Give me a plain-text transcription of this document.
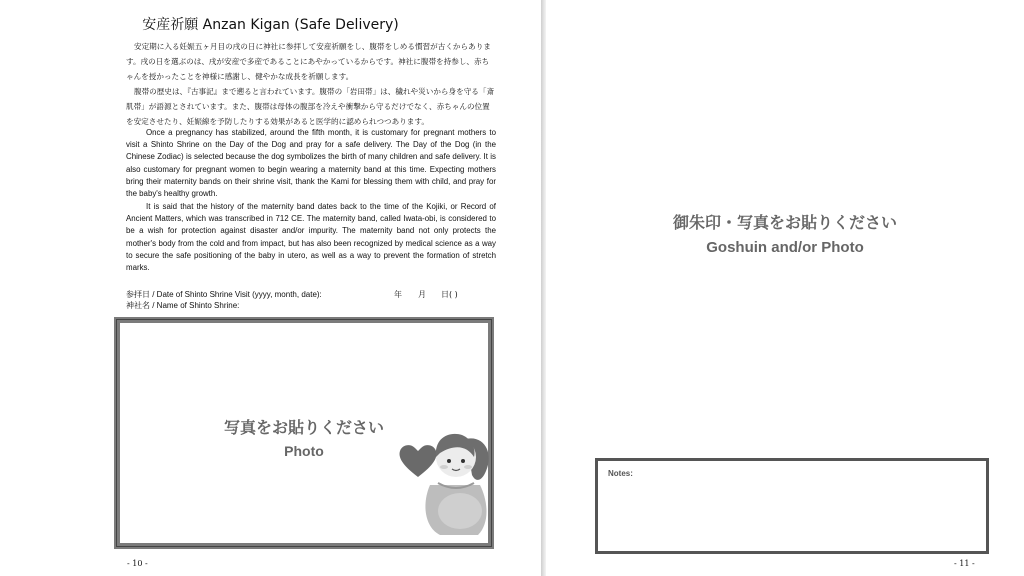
安産祈願 Anzan Kigan (Safe Delivery)

安定期に入る妊娠五ヶ月目の戌の日に神社に参拝して安産祈願をし、腹帯をしめる慣習が古くからあります。戌の日を選ぶのは、戌が安産で多産であることにあやかっているからです。神社に腹帯を持参し、赤ちゃんを授かったことを神様に感謝し、健やかな成長を祈願します。

腹帯の歴史は、『古事記』まで遡ると言われています。腹帯の「岩田帯」は、穢れや災いから身を守る「斎肌帯」が語源とされています。また、腹帯は母体の腹部を冷えや衝撃から守るだけでなく、赤ちゃんの位置を安定させたり、妊娠線を予防したりする効果があると医学的に認められつつあります。

Once a pregnancy has stabilized, around the fifth month, it is customary for pregnant mothers to visit a Shinto Shrine on the Day of the Dog and pray for a safe delivery. The Day of the Dog (in the Chinese Zodiac) is selected because the dog symbolizes the birth of many children and safe delivery. It is also customary for pregnant women to begin wearing a maternity band at this time. Expecting mothers bring their maternity bands on their shrine visit, thank the Kami for blessing them with child, and pray for the baby's healthy growth.

It is said that the history of the maternity band dates back to the time of the Kojiki, or Record of Ancient Matters, which was transcribed in 712 CE. The maternity band, called Iwata-obi, is considered to be a wish for protection against disaster and/or impurity. The maternity band not only protects the mother's body from the cold and from impact, but has also been recognized by medical science as a way to secure the safe positioning of the baby in utero, as well as a way to prevent the formation of stretch marks.

参拝日 / Date of Shinto Shrine Visit (yyyy, month, date):	年 月 日( )
神社名 / Name of Shinto Shrine:
写真をお貼りください
Photo
- 10 -
御朱印・写真をお貼りください
Goshuin and/or Photo
Notes:
- 11 -
